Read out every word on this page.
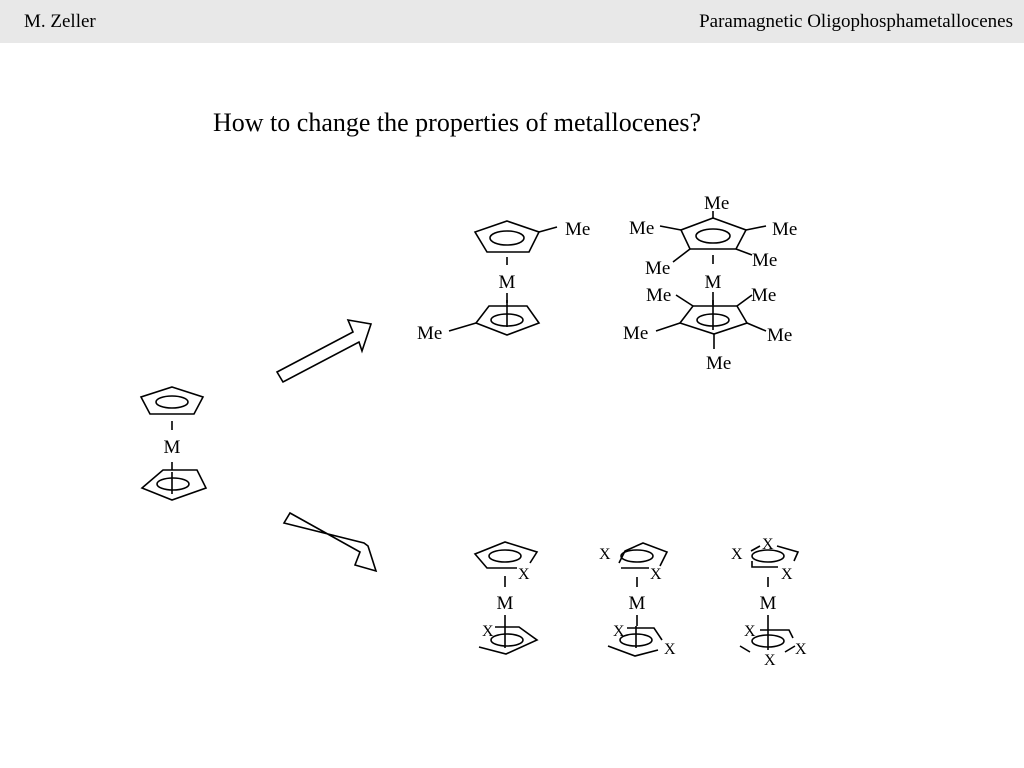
M. Zeller	Paramagnetic Oligophosphametallocenes
How to change the properties of metallocenes?
M
Me
M
Me
Me
Me	Me
Me	Me
M
Me	Me
Me	Me
Me
X
M
X
X
X
M
X
X
X
X
X
M
X
X
X
